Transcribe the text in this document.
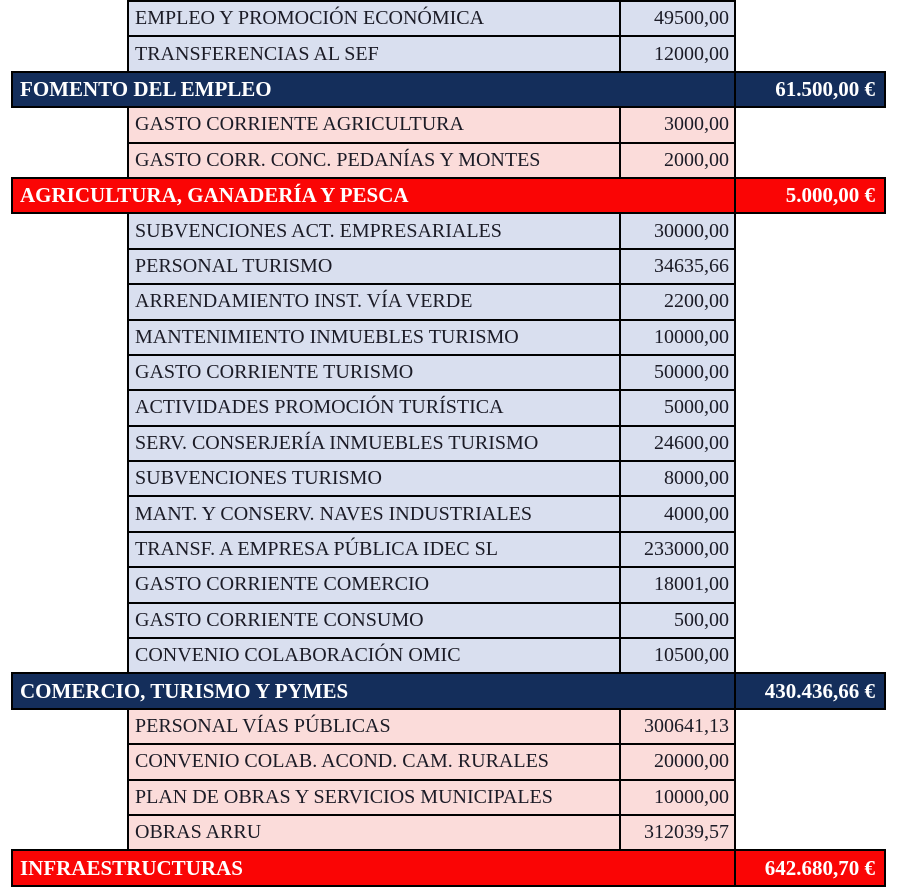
		EMPLEO Y PROMOCIÓN ECONÓMICA	49500,00		
		TRANSFERENCIAS AL SEF	12000,00		
	FOMENTO DEL EMPLEO			61.500,00 €	
		GASTO CORRIENTE AGRICULTURA	3000,00		
		GASTO CORR. CONC. PEDANÍAS Y MONTES	2000,00		
	AGRICULTURA, GANADERÍA Y PESCA			5.000,00 €	
		SUBVENCIONES ACT. EMPRESARIALES	30000,00		
		PERSONAL TURISMO	34635,66		
		ARRENDAMIENTO INST. VÍA VERDE	2200,00		
		MANTENIMIENTO INMUEBLES TURISMO	10000,00		
		GASTO CORRIENTE TURISMO	50000,00		
		ACTIVIDADES PROMOCIÓN TURÍSTICA	5000,00		
		SERV. CONSERJERÍA INMUEBLES TURISMO	24600,00		
		SUBVENCIONES TURISMO	8000,00		
		MANT. Y CONSERV. NAVES INDUSTRIALES	4000,00		
		TRANSF. A EMPRESA PÚBLICA IDEC SL	233000,00		
		GASTO CORRIENTE COMERCIO	18001,00		
		GASTO CORRIENTE CONSUMO	500,00		
		CONVENIO COLABORACIÓN OMIC	10500,00		
	COMERCIO, TURISMO Y PYMES			430.436,66 €	
		PERSONAL VÍAS PÚBLICAS	300641,13		
		CONVENIO COLAB. ACOND. CAM. RURALES	20000,00		
		PLAN DE OBRAS Y SERVICIOS MUNICIPALES	10000,00		
		OBRAS ARRU	312039,57		
	INFRAESTRUCTURAS			642.680,70 €	
